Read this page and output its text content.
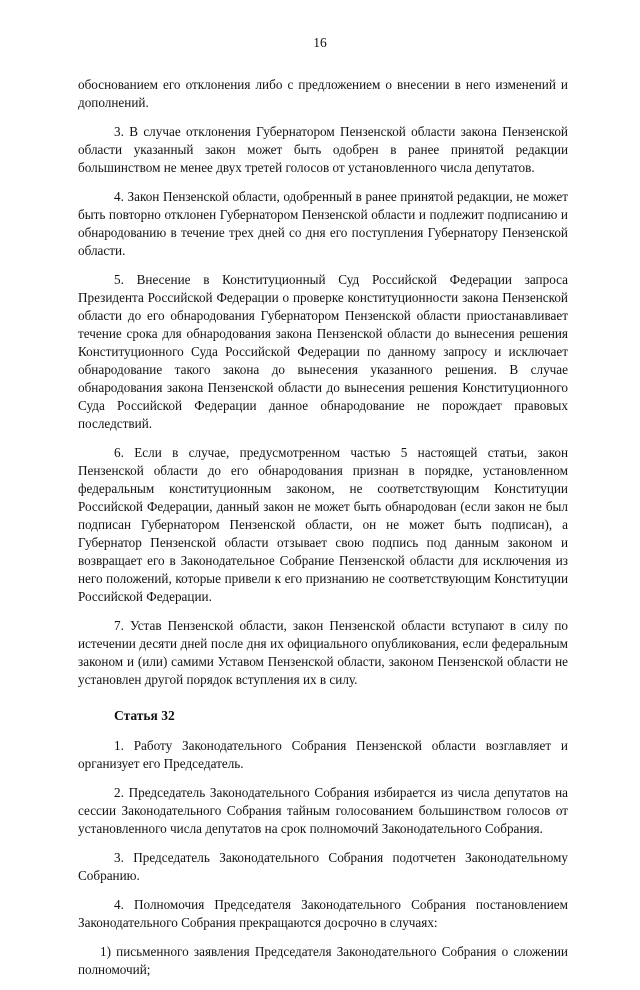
16

обоснованием его отклонения либо с предложением о внесении в него изменений и дополнений.

3. В случае отклонения Губернатором Пензенской области закона Пензенской области указанный закон может быть одобрен в ранее принятой редакции большинством не менее двух третей голосов от установленного числа депутатов.

4. Закон Пензенской области, одобренный в ранее принятой редакции, не может быть повторно отклонен Губернатором Пензенской области и подлежит подписанию и обнародованию в течение трех дней со дня его поступления Губернатору Пензенской области.

5. Внесение в Конституционный Суд Российской Федерации запроса Президента Российской Федерации о проверке конституционности закона Пензенской области до его обнародования Губернатором Пензенской области приостанавливает течение срока для обнародования закона Пензенской области до вынесения решения Конституционного Суда Российской Федерации по данному запросу и исключает обнародование такого закона до вынесения указанного решения. В случае обнародования закона Пензенской области до вынесения решения Конституционного Суда Российской Федерации данное обнародование не порождает правовых последствий.

6. Если в случае, предусмотренном частью 5 настоящей статьи, закон Пензенской области до его обнародования признан в порядке, установленном федеральным конституционным законом, не соответствующим Конституции Российской Федерации, данный закон не может быть обнародован (если закон не был подписан Губернатором Пензенской области, он не может быть подписан), а Губернатор Пензенской области отзывает свою подпись под данным законом и возвращает его в Законодательное Собрание Пензенской области для исключения из него положений, которые привели к его признанию не соответствующим Конституции Российской Федерации.

7. Устав Пензенской области, закон Пензенской области вступают в силу по истечении десяти дней после дня их официального опубликования, если федеральным законом и (или) самими Уставом Пензенской области, законом Пензенской области не установлен другой порядок вступления их в силу.

Статья 32

1. Работу Законодательного Собрания Пензенской области возглавляет и организует его Председатель.

2. Председатель Законодательного Собрания избирается из числа депутатов на сессии Законодательного Собрания тайным голосованием большинством голосов от установленного числа депутатов на срок полномочий Законодательного Собрания.

3. Председатель Законодательного Собрания подотчетен Законодательному Собранию.

4. Полномочия Председателя Законодательного Собрания постановлением Законодательного Собрания прекращаются досрочно в случаях:

1) письменного заявления Председателя Законодательного Собрания о сложении полномочий;
